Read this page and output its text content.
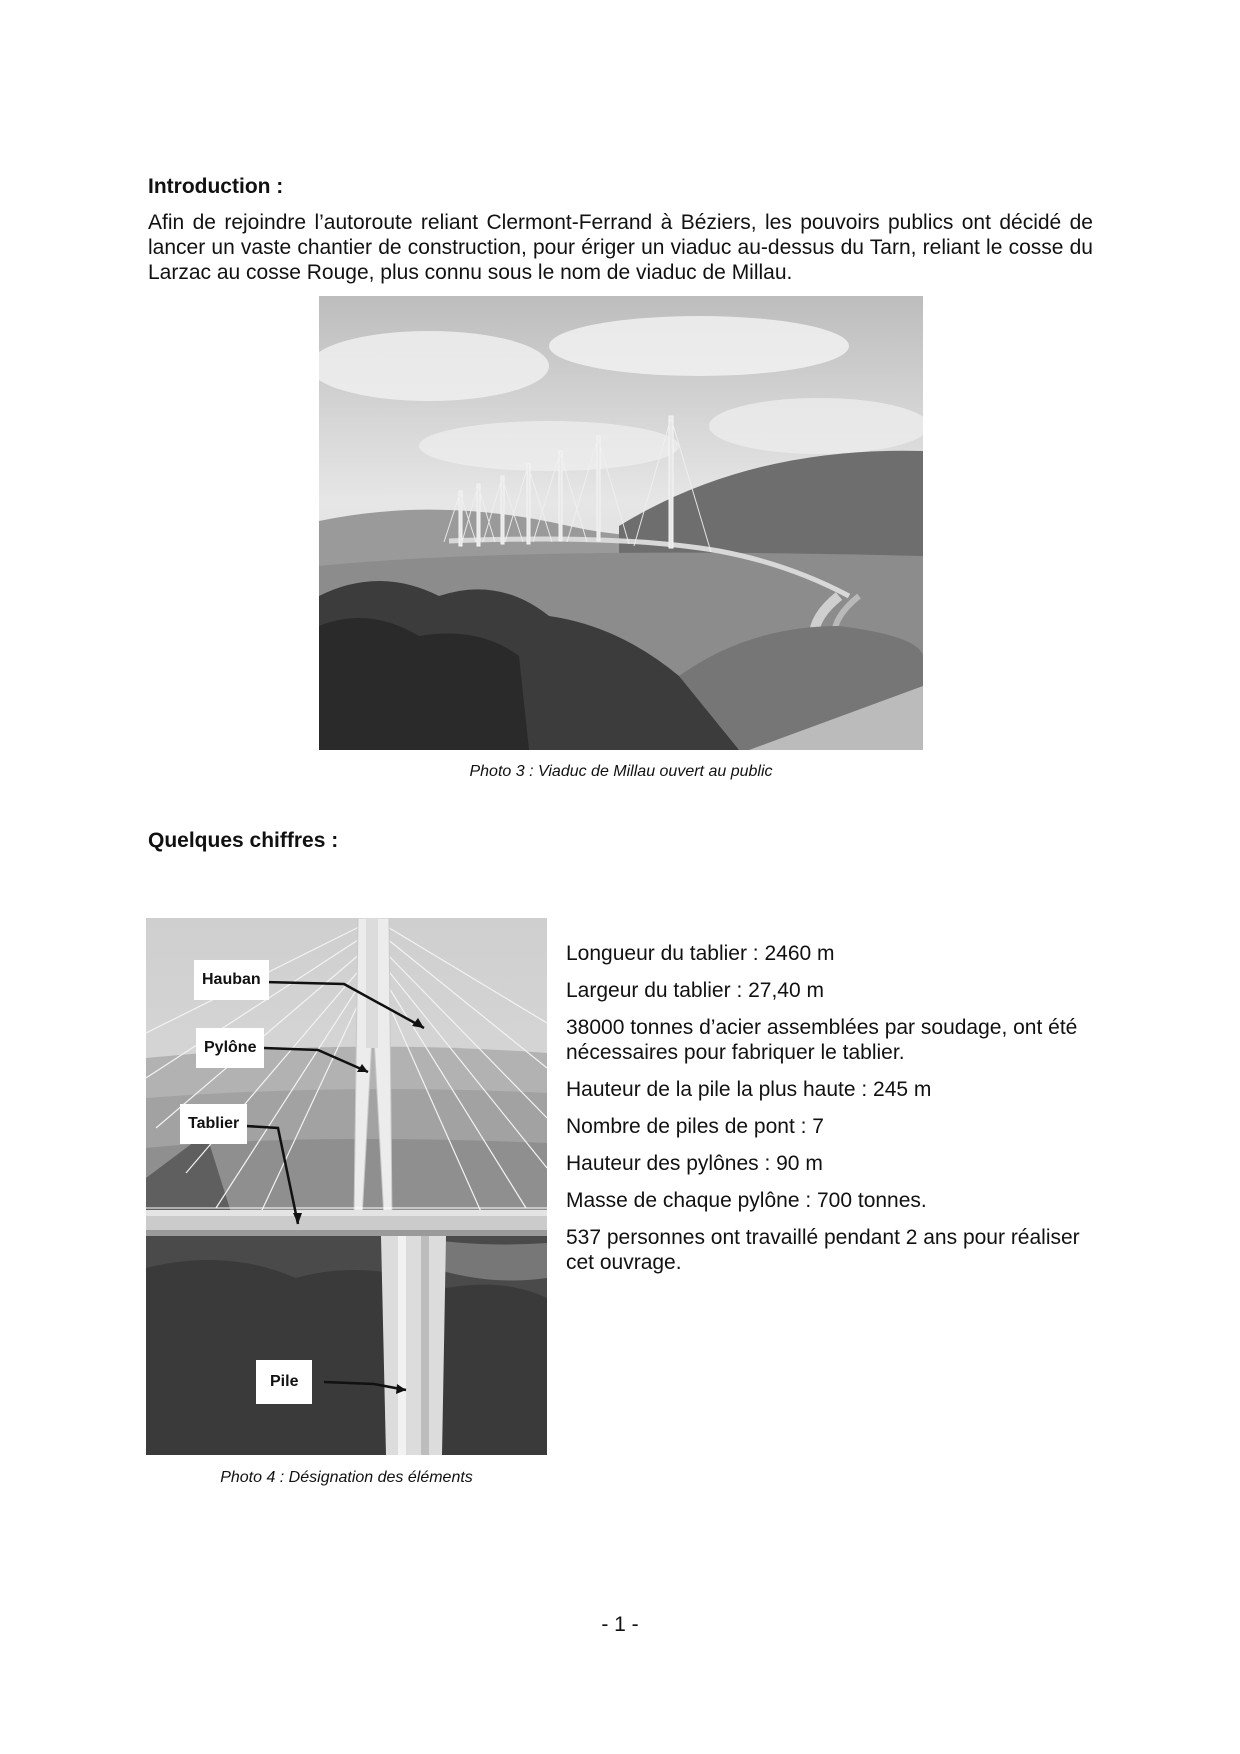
Introduction :

Afin de rejoindre l’autoroute reliant Clermont-Ferrand à Béziers, les pouvoirs publics ont décidé de lancer un vaste chantier de construction, pour ériger un viaduc au-dessus du Tarn, reliant le cosse du Larzac au cosse Rouge, plus connu sous le nom de viaduc de Millau.

Photo 3 : Viaduc de Millau ouvert au public

Quelques chiffres :
Hauban
Pylône
Tablier
Pile

Photo 4 : Désignation des éléments

Longueur du tablier : 2460 m
Largeur du tablier : 27,40 m
38000 tonnes d’acier assemblées par soudage, ont été nécessaires pour fabriquer le tablier.
Hauteur de la pile la plus haute : 245 m
Nombre de piles de pont : 7
Hauteur des pylônes : 90 m
Masse de chaque pylône : 700 tonnes.
537 personnes ont travaillé pendant 2 ans pour réaliser cet ouvrage.

- 1 -
